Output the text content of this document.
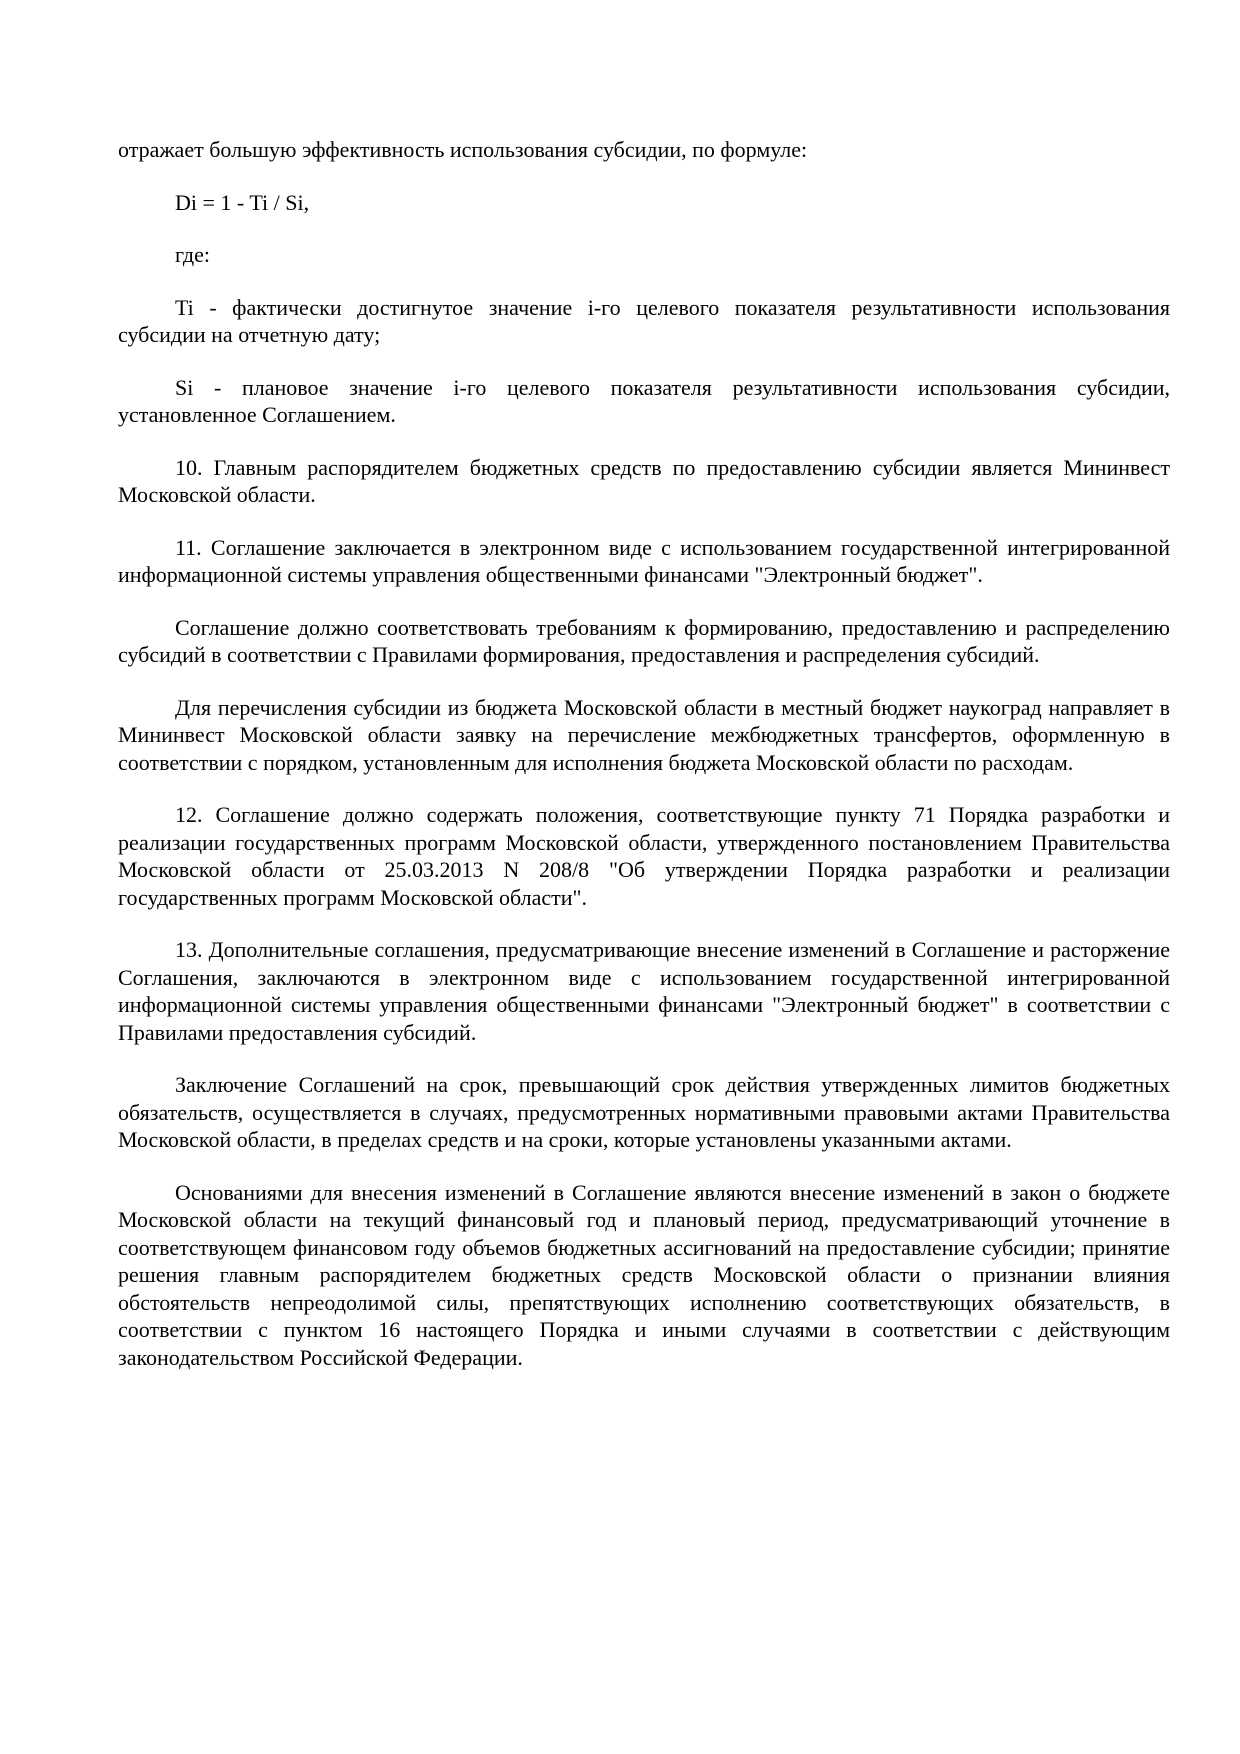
отражает большую эффективность использования субсидии, по формуле:

Di = 1 - Ti / Si,

где:

Ti - фактически достигнутое значение i-го целевого показателя результативности использования субсидии на отчетную дату;

Si - плановое значение i-го целевого показателя результативности использования субсидии, установленное Соглашением.

10. Главным распорядителем бюджетных средств по предоставлению субсидии является Мининвест Московской области.

11. Соглашение заключается в электронном виде с использованием государственной интегрированной информационной системы управления общественными финансами "Электронный бюджет".

Соглашение должно соответствовать требованиям к формированию, предоставлению и распределению субсидий в соответствии с Правилами формирования, предоставления и распределения субсидий.

Для перечисления субсидии из бюджета Московской области в местный бюджет наукоград направляет в Мининвест Московской области заявку на перечисление межбюджетных трансфертов, оформленную в соответствии с порядком, установленным для исполнения бюджета Московской области по расходам.

12. Соглашение должно содержать положения, соответствующие пункту 71 Порядка разработки и реализации государственных программ Московской области, утвержденного постановлением Правительства Московской области от 25.03.2013 N 208/8 "Об утверждении Порядка разработки и реализации государственных программ Московской области".

13. Дополнительные соглашения, предусматривающие внесение изменений в Соглашение и расторжение Соглашения, заключаются в электронном виде с использованием государственной интегрированной информационной системы управления общественными финансами "Электронный бюджет" в соответствии с Правилами предоставления субсидий.

Заключение Соглашений на срок, превышающий срок действия утвержденных лимитов бюджетных обязательств, осуществляется в случаях, предусмотренных нормативными правовыми актами Правительства Московской области, в пределах средств и на сроки, которые установлены указанными актами.

Основаниями для внесения изменений в Соглашение являются внесение изменений в закон о бюджете Московской области на текущий финансовый год и плановый период, предусматривающий уточнение в соответствующем финансовом году объемов бюджетных ассигнований на предоставление субсидии; принятие решения главным распорядителем бюджетных средств Московской области о признании влияния обстоятельств непреодолимой силы, препятствующих исполнению соответствующих обязательств, в соответствии с пунктом 16 настоящего Порядка и иными случаями в соответствии с действующим законодательством Российской Федерации.
